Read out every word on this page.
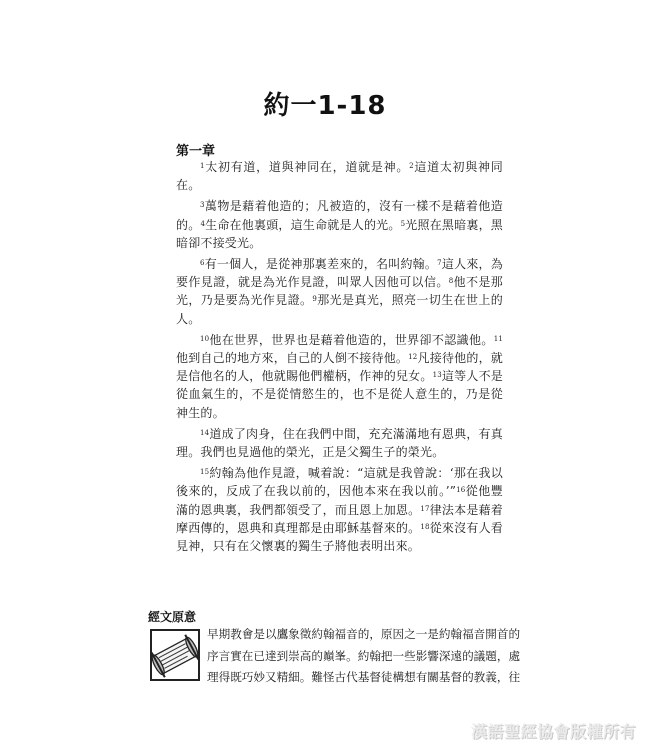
約一1-18
第一章

$^1$太初有道，道與神同在，道就是神。$^2$這道太初與神同在。

$^3$萬物是藉着他造的；凡被造的，沒有一樣不是藉着他造的。$^4$生命在他裏頭，這生命就是人的光。$^5$光照在黑暗裏，黑暗卻不接受光。

$^6$有一個人，是從神那裏差來的，名叫約翰。$^7$這人來，為要作見證，就是為光作見證，叫眾人因他可以信。$^8$他不是那光，乃是要為光作見證。$^9$那光是真光，照亮一切生在世上的人。

$^{10}$他在世界，世界也是藉着他造的，世界卻不認識他。$^{11}$他到自己的地方來，自己的人倒不接待他。$^{12}$凡接待他的，就是信他名的人，他就賜他們權柄，作神的兒女。$^{13}$這等人不是從血氣生的，不是從情慾生的，也不是從人意生的，乃是從神生的。

$^{14}$道成了肉身，住在我們中間，充充滿滿地有恩典，有真理。我們也見過他的榮光，正是父獨生子的榮光。

$^{15}$約翰為他作見證，喊着說：“這就是我曾說：‘那在我以後來的，反成了在我以前的，因他本來在我以前。’”$^{16}$從他豐滿的恩典裏，我們都領受了，而且恩上加恩。$^{17}$律法本是藉着摩西傳的，恩典和真理都是由耶穌基督來的。$^{18}$從來沒有人看見神，只有在父懷裏的獨生子將他表明出來。

經文原意
早期教會是以鷹象徵約翰福音的，原因之一是約翰福音開首的
序言實在已達到崇高的巔峯。約翰把一些影響深遠的議題，處
理得既巧妙又精細。難怪古代基督徒構想有關基督的教義，往
漢語聖經協會版權所有
